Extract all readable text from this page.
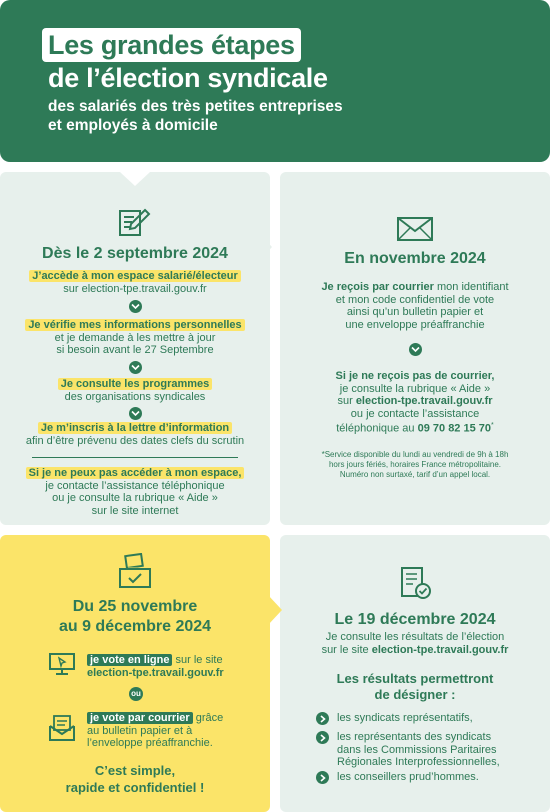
Les grandes étapes
de l’élection syndicale
des salariés des très petites entreprises
et employés à domicile
Dès le 2 septembre 2024
J’accède à mon espace salarié/électeur
sur election-tpe.travail.gouv.fr
Je vérifie mes informations personnelles
et je demande à les mettre à jour
si besoin avant le 27 Septembre
Je consulte les programmes
des organisations syndicales
Je m’inscris à la lettre d’information
afin d’être prévenu des dates clefs du scrutin
Si je ne peux pas accéder à mon espace,
je contacte l’assistance téléphonique
ou je consulte la rubrique « Aide »
sur le site internet
En novembre 2024
Je reçois par courrier mon identifiant
et mon code confidentiel de vote
ainsi qu’un bulletin papier et
une enveloppe préaffranchie
Si je ne reçois pas de courrier,
je consulte la rubrique « Aide »
sur election-tpe.travail.gouv.fr
ou je contacte l’assistance
téléphonique au 09 70 82 15 70*
*Service disponible du lundi au vendredi de 9h à 18h
hors jours fériés, horaires France métropolitaine.
Numéro non surtaxé, tarif d’un appel local.
Du 25 novembre
au 9 décembre 2024
je vote en ligne sur le site
election-tpe.travail.gouv.fr
ou
je vote par courrier grâce
au bulletin papier et à
l’enveloppe préaffranchie.
C’est simple,
rapide et confidentiel !
Le 19 décembre 2024
Je consulte les résultats de l’élection
sur le site election-tpe.travail.gouv.fr
Les résultats permettront
de désigner :
les syndicats représentatifs,
les représentants des syndicats
dans les Commissions Paritaires
Régionales Interprofessionnelles,
les conseillers prud’hommes.
